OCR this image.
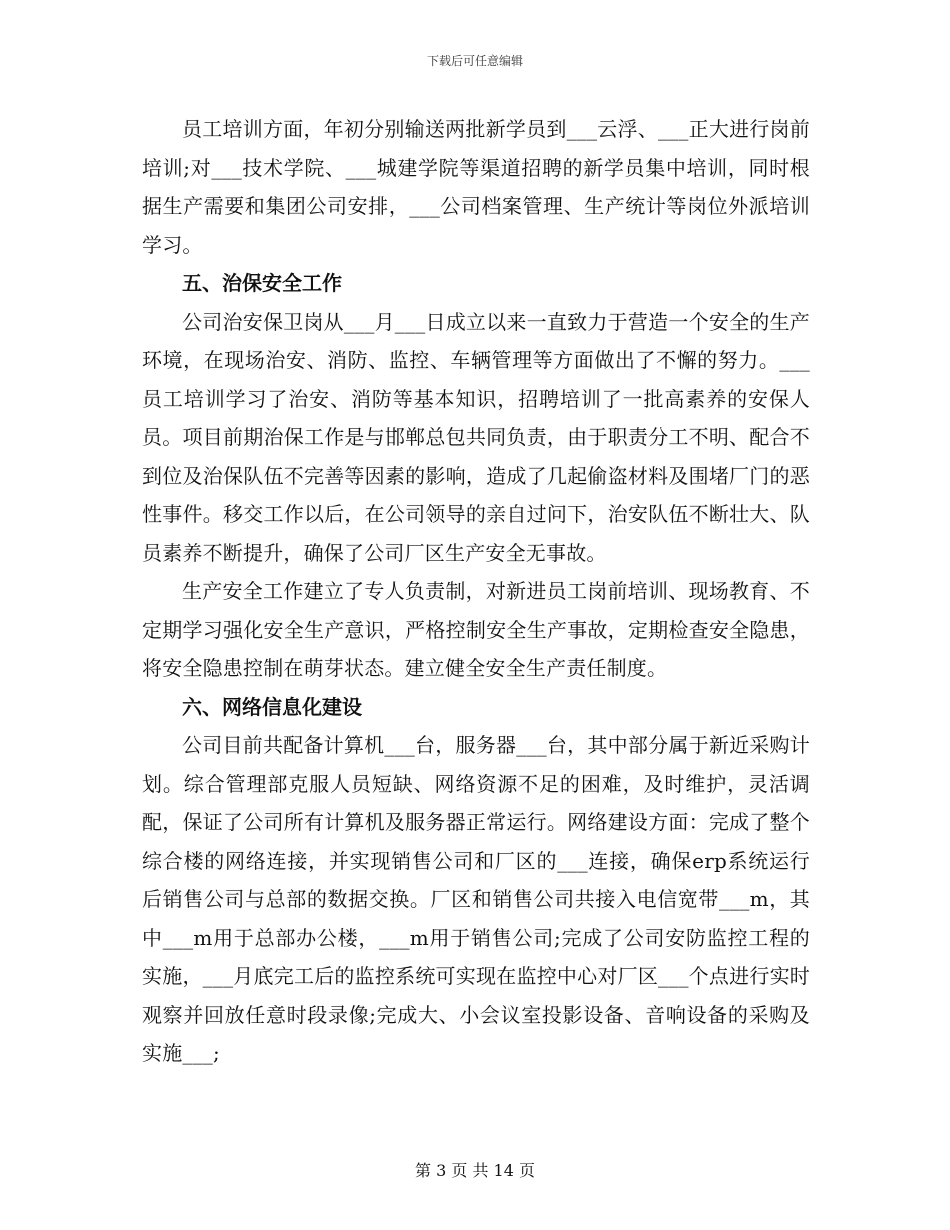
下载后可任意编辑

员工培训方面，年初分别输送两批新学员到___云浮、___正大进行岗前培训;对___技术学院、___城建学院等渠道招聘的新学员集中培训，同时根据生产需要和集团公司安排，___公司档案管理、生产统计等岗位外派培训学习。

五、治保安全工作

公司治安保卫岗从___月___日成立以来一直致力于营造一个安全的生产环境，在现场治安、消防、监控、车辆管理等方面做出了不懈的努力。___员工培训学习了治安、消防等基本知识，招聘培训了一批高素养的安保人员。项目前期治保工作是与邯郸总包共同负责，由于职责分工不明、配合不到位及治保队伍不完善等因素的影响，造成了几起偷盗材料及围堵厂门的恶性事件。移交工作以后，在公司领导的亲自过问下，治安队伍不断壮大、队员素养不断提升，确保了公司厂区生产安全无事故。

生产安全工作建立了专人负责制，对新进员工岗前培训、现场教育、不定期学习强化安全生产意识，严格控制安全生产事故，定期检查安全隐患，将安全隐患控制在萌芽状态。建立健全安全生产责任制度。

六、网络信息化建设

公司目前共配备计算机___台，服务器___台，其中部分属于新近采购计划。综合管理部克服人员短缺、网络资源不足的困难，及时维护，灵活调配，保证了公司所有计算机及服务器正常运行。网络建设方面：完成了整个综合楼的网络连接，并实现销售公司和厂区的___连接，确保erp系统运行后销售公司与总部的数据交换。厂区和销售公司共接入电信宽带___m，其中___m用于总部办公楼，___m用于销售公司;完成了公司安防监控工程的实施，___月底完工后的监控系统可实现在监控中心对厂区___个点进行实时观察并回放任意时段录像;完成大、小会议室投影设备、音响设备的采购及实施___;

第 3 页 共 14 页
